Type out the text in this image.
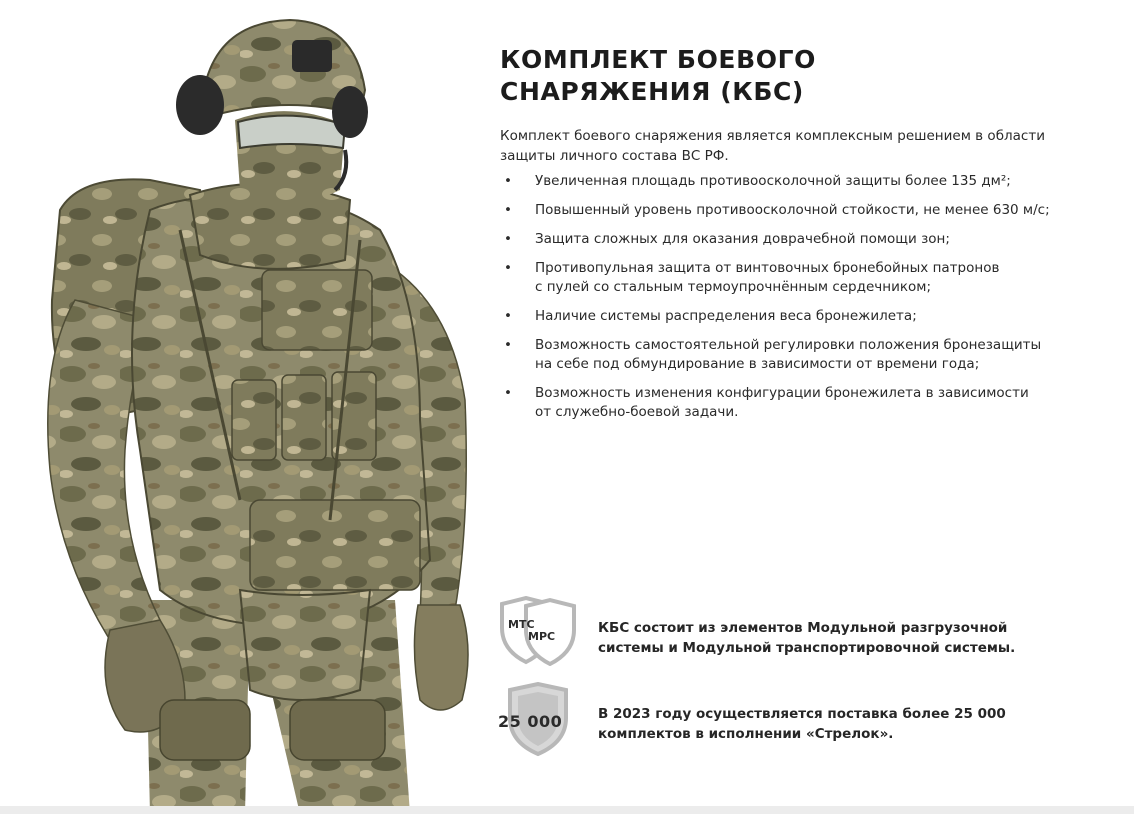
КОМПЛЕКТ БОЕВОГО
СНАРЯЖЕНИЯ (КБС)

Комплект боевого снаряжения является комплексным решением в области защиты личного состава ВС РФ.

• Увеличенная площадь противоосколочной защиты более 135 дм²;
• Повышенный уровень противоосколочной стойкости, не менее 630 м/с;
• Защита сложных для оказания доврачебной помощи зон;
• Противопульная защита от винтовочных бронебойных патронов
с пулей со стальным термоупрочнённым сердечником;
• Наличие системы распределения веса бронежилета;
• Возможность самостоятельной регулировки положения бронезащиты
на себе под обмундирование в зависимости от времени года;
• Возможность изменения конфигурации бронежилета в зависимости
от служебно-боевой задачи.
МТС
МРС
КБС состоит из элементов Модульной разгрузочной
системы и Модульной транспортировочной системы.
25 000	В 2023 году осуществляется поставка более 25 000
комплектов в исполнении «Стрелок».
